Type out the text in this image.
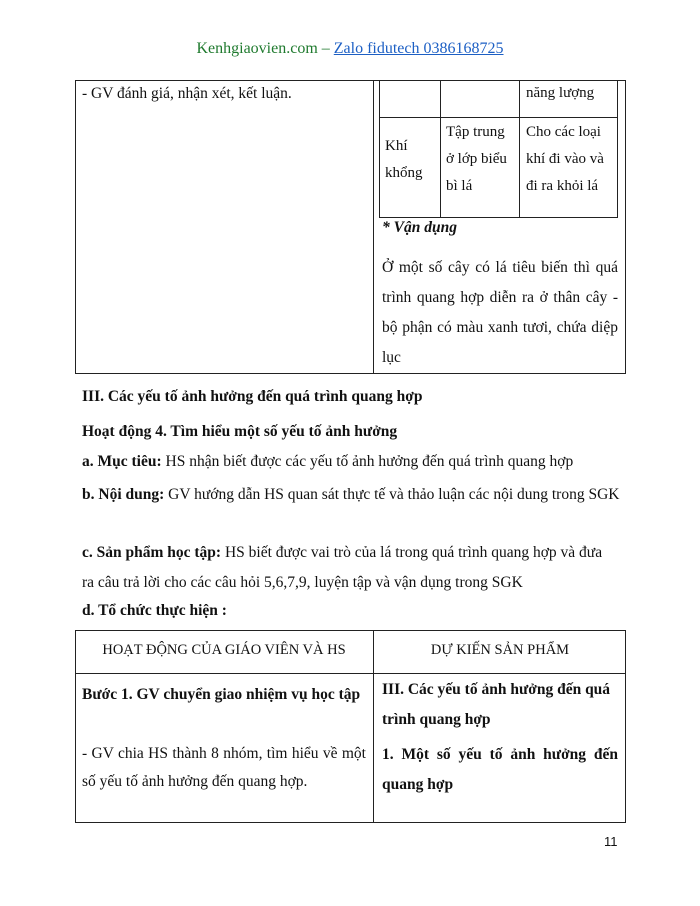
Kenhgiaovien.com – Zalo fidutech 0386168725
- GV đánh giá, nhận xét, kết luận.	năng lượng
Khí khổng
Tập trung ở lớp biểu bì lá
Cho các loại khí đi vào và đi ra khỏi lá
* Vận dụng
Ở một số cây có lá tiêu biến thì quá trình quang hợp diễn ra ở thân cây - bộ phận có màu xanh tươi, chứa diệp lục
III. Các yếu tố ảnh hưởng đến quá trình quang hợp
Hoạt động 4. Tìm hiểu một số yếu tố ảnh hưởng
a. Mục tiêu: HS nhận biết được các yếu tố ảnh hưởng đến quá trình quang hợp
b. Nội dung: GV hướng dẫn HS quan sát thực tế và thảo luận các nội dung trong SGK
c. Sản phẩm học tập: HS biết được vai trò của lá trong quá trình quang hợp và đưa ra câu trả lời cho các câu hỏi 5,6,7,9, luyện tập và vận dụng trong SGK
d. Tổ chức thực hiện :
HOẠT ĐỘNG CỦA GIÁO VIÊN VÀ HS	DỰ KIẾN SẢN PHẨM
Bước 1. GV chuyển giao nhiệm vụ học tập
- GV chia HS thành 8 nhóm, tìm hiểu về một số yếu tố ảnh hưởng đến quang hợp.
III. Các yếu tố ảnh hưởng đến quá trình quang hợp
1. Một số yếu tố ảnh hưởng đến quang hợp
11
